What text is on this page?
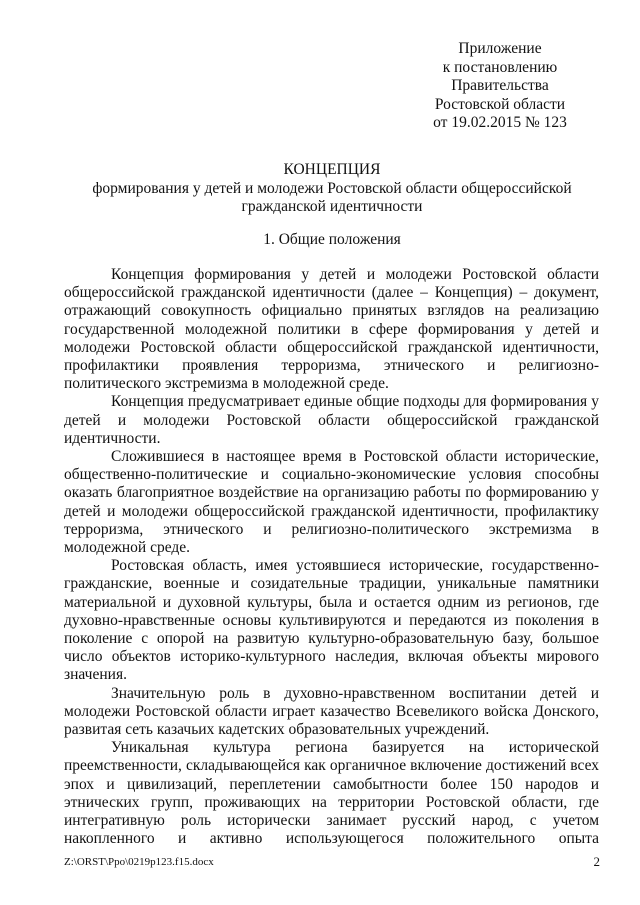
Приложение
к постановлению
Правительства
Ростовской области
от 19.02.2015 № 123
КОНЦЕПЦИЯ
формирования у детей и молодежи Ростовской области общероссийской
гражданской идентичности
1. Общие положения

Концепция формирования у детей и молодежи Ростовской области общероссийской гражданской идентичности (далее – Концепция) – документ, отражающий совокупность официально принятых взглядов на реализацию государственной молодежной политики в сфере формирования у детей и молодежи Ростовской области общероссийской гражданской идентичности, профилактики проявления терроризма, этнического и религиозно-политического экстремизма в молодежной среде.

Концепция предусматривает единые общие подходы для формирования у детей и молодежи Ростовской области общероссийской гражданской идентичности.

Сложившиеся в настоящее время в Ростовской области исторические, общественно-политические и социально-экономические условия способны оказать благоприятное воздействие на организацию работы по формированию у детей и молодежи общероссийской гражданской идентичности, профилактику терроризма, этнического и религиозно-политического экстремизма в молодежной среде.

Ростовская область, имея устоявшиеся исторические, государственно-гражданские, военные и созидательные традиции, уникальные памятники материальной и духовной культуры, была и остается одним из регионов, где духовно-нравственные основы культивируются и передаются из поколения в поколение с опорой на развитую культурно-образовательную базу, большое число объектов историко-культурного наследия, включая объекты мирового значения.

Значительную роль в духовно-нравственном воспитании детей и молодежи Ростовской области играет казачество Всевеликого войска Донского, развитая сеть казачьих кадетских образовательных учреждений.

Уникальная культура региона базируется на исторической преемственности, складывающейся как органичное включение достижений всех эпох и цивилизаций, переплетении самобытности более 150 народов и этнических групп, проживающих на территории Ростовской области, где интегративную роль исторически занимает русский народ, с учетом накопленного и активно использующегося положительного опыта

Z:\ORST\Ppo\0219p123.f15.docx	2
